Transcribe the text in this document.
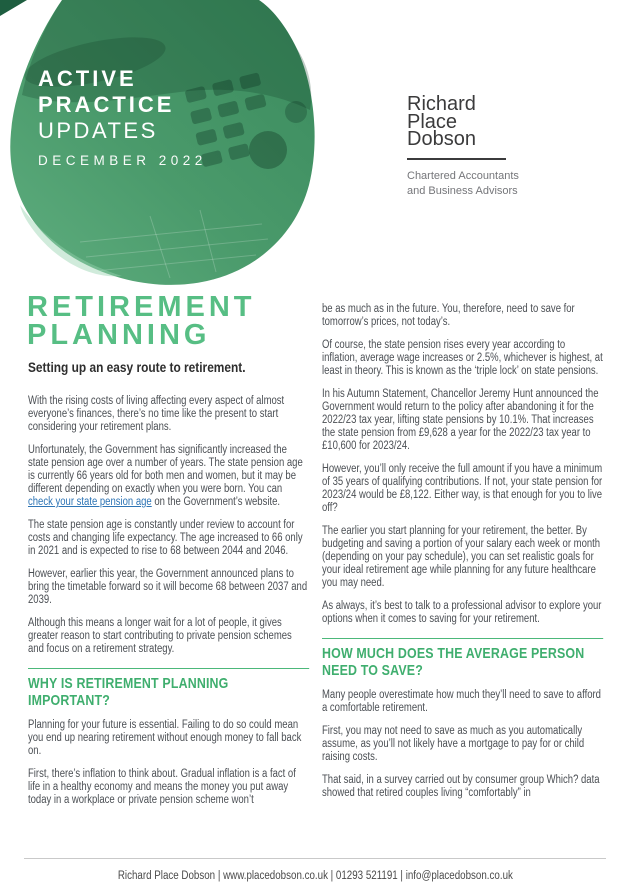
ACTIVE
PRACTICE
UPDATES
DECEMBER 2022
Richard
Place
Dobson
Chartered Accountants
and Business Advisors
RETIREMENT
PLANNING
Setting up an easy route to retirement.

With the rising costs of living affecting every aspect of almost everyone’s finances, there’s no time like the present to start considering your retirement plans.

Unfortunately, the Government has significantly increased the state pension age over a number of years. The state pension age is currently 66 years old for both men and women, but it may be different depending on exactly when you were born. You can check your state pension age on the Government’s website.

The state pension age is constantly under review to account for costs and changing life expectancy. The age increased to 66 only in 2021 and is expected to rise to 68 between 2044 and 2046.

However, earlier this year, the Government announced plans to bring the timetable forward so it will become 68 between 2037 and 2039.

Although this means a longer wait for a lot of people, it gives greater reason to start contributing to private pension schemes and focus on a retirement strategy.

WHY IS RETIREMENT PLANNING IMPORTANT?

Planning for your future is essential. Failing to do so could mean you end up nearing retirement without enough money to fall back on.

First, there’s inflation to think about. Gradual inflation is a fact of life in a healthy economy and means the money you put away today in a workplace or private pension scheme won’t

be as much as in the future. You, therefore, need to save for tomorrow’s prices, not today’s.

Of course, the state pension rises every year according to inflation, average wage increases or 2.5%, whichever is highest, at least in theory. This is known as the ‘triple lock’ on state pensions.

In his Autumn Statement, Chancellor Jeremy Hunt announced the Government would return to the policy after abandoning it for the 2022/23 tax year, lifting state pensions by 10.1%. That increases the state pension from £9,628 a year for the 2022/23 tax year to £10,600 for 2023/24.

However, you’ll only receive the full amount if you have a minimum of 35 years of qualifying contributions. If not, your state pension for 2023/24 would be £8,122. Either way, is that enough for you to live off?

The earlier you start planning for your retirement, the better. By budgeting and saving a portion of your salary each week or month (depending on your pay schedule), you can set realistic goals for your ideal retirement age while planning for any future healthcare you may need.

As always, it’s best to talk to a professional advisor to explore your options when it comes to saving for your retirement.

HOW MUCH DOES THE AVERAGE PERSON NEED TO SAVE?

Many people overestimate how much they’ll need to save to afford a comfortable retirement.

First, you may not need to save as much as you automatically assume, as you’ll not likely have a mortgage to pay for or child raising costs.

That said, in a survey carried out by consumer group Which? data showed that retired couples living “comfortably” in

Richard Place Dobson | www.placedobson.co.uk | 01293 521191 | info@placedobson.co.uk
